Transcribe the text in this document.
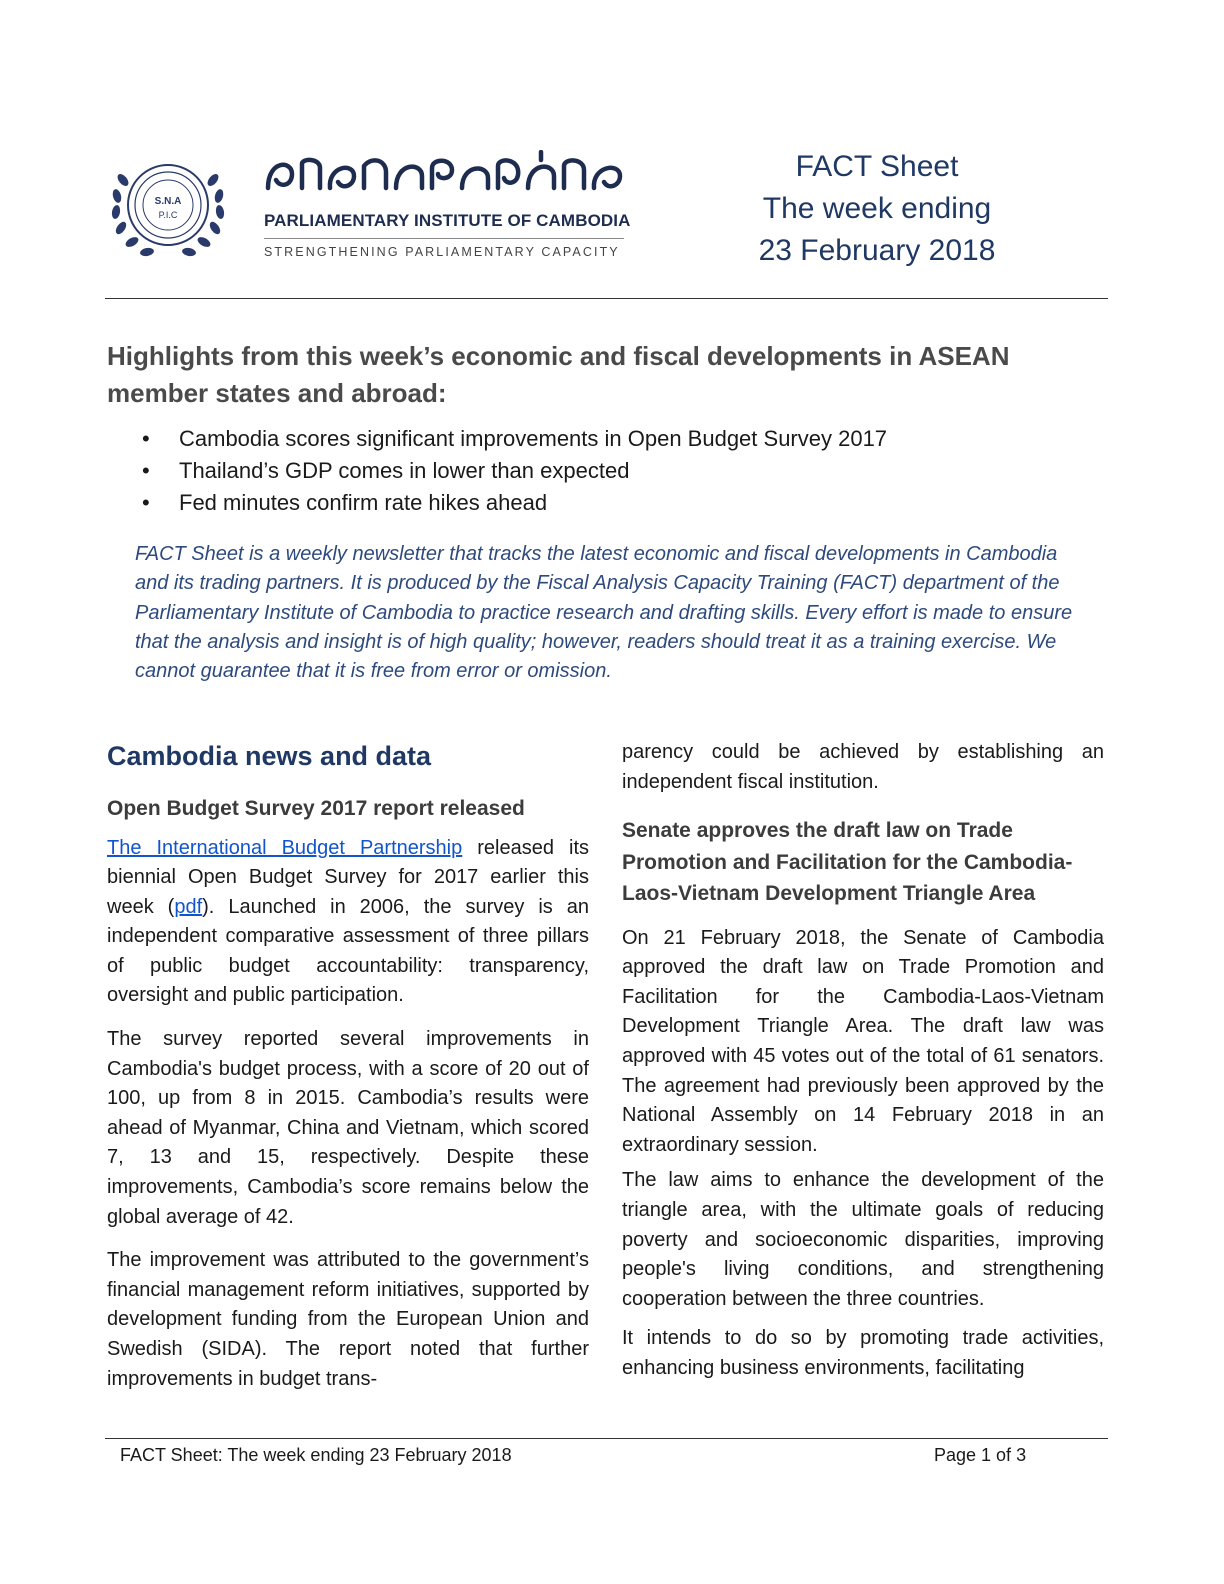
S.N.A
P.I.C	PARLIAMENTARY INSTITUTE OF CAMBODIA
STRENGTHENING PARLIAMENTARY CAPACITY
FACT Sheet
The week ending
23 February 2018
Highlights from this week’s economic and fiscal developments in ASEAN member states and abroad:
• Cambodia scores significant improvements in Open Budget Survey 2017
• Thailand’s GDP comes in lower than expected
• Fed minutes confirm rate hikes ahead
FACT Sheet is a weekly newsletter that tracks the latest economic and fiscal developments in Cambodia and its trading partners. It is produced by the Fiscal Analysis Capacity Training (FACT) department of the Parliamentary Institute of Cambodia to practice research and drafting skills. Every effort is made to ensure that the analysis and insight is of high quality; however, readers should treat it as a training exercise. We cannot guarantee that it is free from error or omission.
Cambodia news and data
Open Budget Survey 2017 report released

The International Budget Partnership released its biennial Open Budget Survey for 2017 earlier this week (pdf). Launched in 2006, the survey is an independent comparative assessment of three pillars of public budget accountability: transparency, oversight and public participation.

The survey reported several improvements in Cambodia's budget process, with a score of 20 out of 100, up from 8 in 2015. Cambodia’s results were ahead of Myanmar, China and Vietnam, which scored 7, 13 and 15, respectively. Despite these improvements, Cambodia’s score remains below the global average of 42.

The improvement was attributed to the government’s financial management reform initiatives, supported by development funding from the European Union and Swedish (SIDA). The report noted that further improvements in budget trans-

parency could be achieved by establishing an independent fiscal institution.

Senate approves the draft law on Trade Promotion and Facilitation for the Cambodia-Laos-Vietnam Development Triangle Area

On 21 February 2018, the Senate of Cambodia approved the draft law on Trade Promotion and Facilitation for the Cambodia-Laos-Vietnam Development Triangle Area. The draft law was approved with 45 votes out of the total of 61 senators. The agreement had previously been approved by the National Assembly on 14 February 2018 in an extraordinary session.

The law aims to enhance the development of the triangle area, with the ultimate goals of reducing poverty and socioeconomic disparities, improving people's living conditions, and strengthening cooperation between the three countries.

It intends to do so by promoting trade activities, enhancing business environments, facilitating

FACT Sheet: The week ending 23 February 2018	Page 1 of 3
